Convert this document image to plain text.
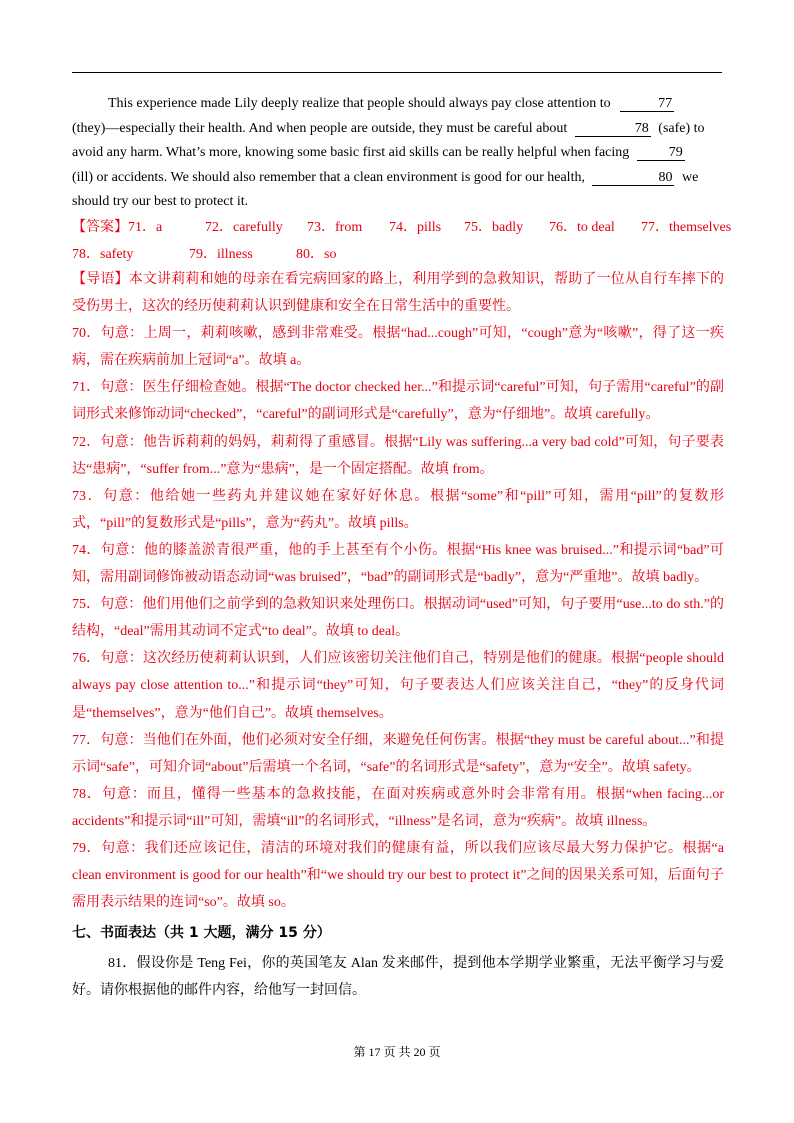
This experience made Lily deeply realize that people should always pay close attention to	77
(they)—especially their health. And when people are outside, they must be careful about	78 (safe) to
avoid any harm. What’s more, knowing some basic first aid skills can be really helpful when facing	79
(ill) or accidents. We should also remember that a clean environment is good for our health,	80 we
should try our best to protect it.
【答案】71．a	72．carefully 73．from 74．pills 75．badly 76．to deal 77．themselves
78．safety	79．illness	80．so

【导语】本文讲莉莉和她的母亲在看完病回家的路上，利用学到的急救知识，帮助了一位从自行车摔下的受伤男士，这次的经历使莉莉认识到健康和安全在日常生活中的重要性。

70．句意：上周一，莉莉咳嗽，感到非常难受。根据“had...cough”可知，“cough”意为“咳嗽”，得了这一疾病，需在疾病前加上冠词“a”。故填 a。

71．句意：医生仔细检查她。根据“The doctor checked her...”和提示词“careful”可知，句子需用“careful”的副词形式来修饰动词“checked”，“careful”的副词形式是“carefully”，意为“仔细地”。故填 carefully。

72．句意：他告诉莉莉的妈妈，莉莉得了重感冒。根据“Lily was suffering...a very bad cold”可知，句子要表达“患病”，“suffer from...”意为“患病”，是一个固定搭配。故填 from。

73．句意：他给她一些药丸并建议她在家好好休息。根据“some”和“pill”可知，需用“pill”的复数形式，“pill”的复数形式是“pills”，意为“药丸”。故填 pills。

74．句意：他的膝盖淤青很严重，他的手上甚至有个小伤。根据“His knee was bruised...”和提示词“bad”可知，需用副词修饰被动语态动词“was bruised”，“bad”的副词形式是“badly”，意为“严重地”。故填 badly。

75．句意：他们用他们之前学到的急救知识来处理伤口。根据动词“used”可知，句子要用“use...to do sth.”的结构，“deal”需用其动词不定式“to deal”。故填 to deal。

76．句意：这次经历使莉莉认识到，人们应该密切关注他们自己，特别是他们的健康。根据“people should always pay close attention to...”和提示词“they”可知，句子要表达人们应该关注自己，“they”的反身代词是“themselves”，意为“他们自己”。故填 themselves。

77．句意：当他们在外面，他们必须对安全仔细，来避免任何伤害。根据“they must be careful about...”和提示词“safe”，可知介词“about”后需填一个名词，“safe”的名词形式是“safety”，意为“安全”。故填 safety。

78．句意：而且，懂得一些基本的急救技能，在面对疾病或意外时会非常有用。根据“when facing...or accidents”和提示词“ill”可知，需填“ill”的名词形式，“illness”是名词，意为“疾病”。故填 illness。

79．句意：我们还应该记住，清洁的环境对我们的健康有益，所以我们应该尽最大努力保护它。根据“a clean environment is good for our health”和“we should try our best to protect it”之间的因果关系可知，后面句子需用表示结果的连词“so”。故填 so。

七、书面表达（共 1 大题，满分 15 分）

81．假设你是 Teng Fei，你的英国笔友 Alan 发来邮件，提到他本学期学业繁重，无法平衡学习与爱好。请你根据他的邮件内容，给他写一封回信。

第 17 页 共 20 页
